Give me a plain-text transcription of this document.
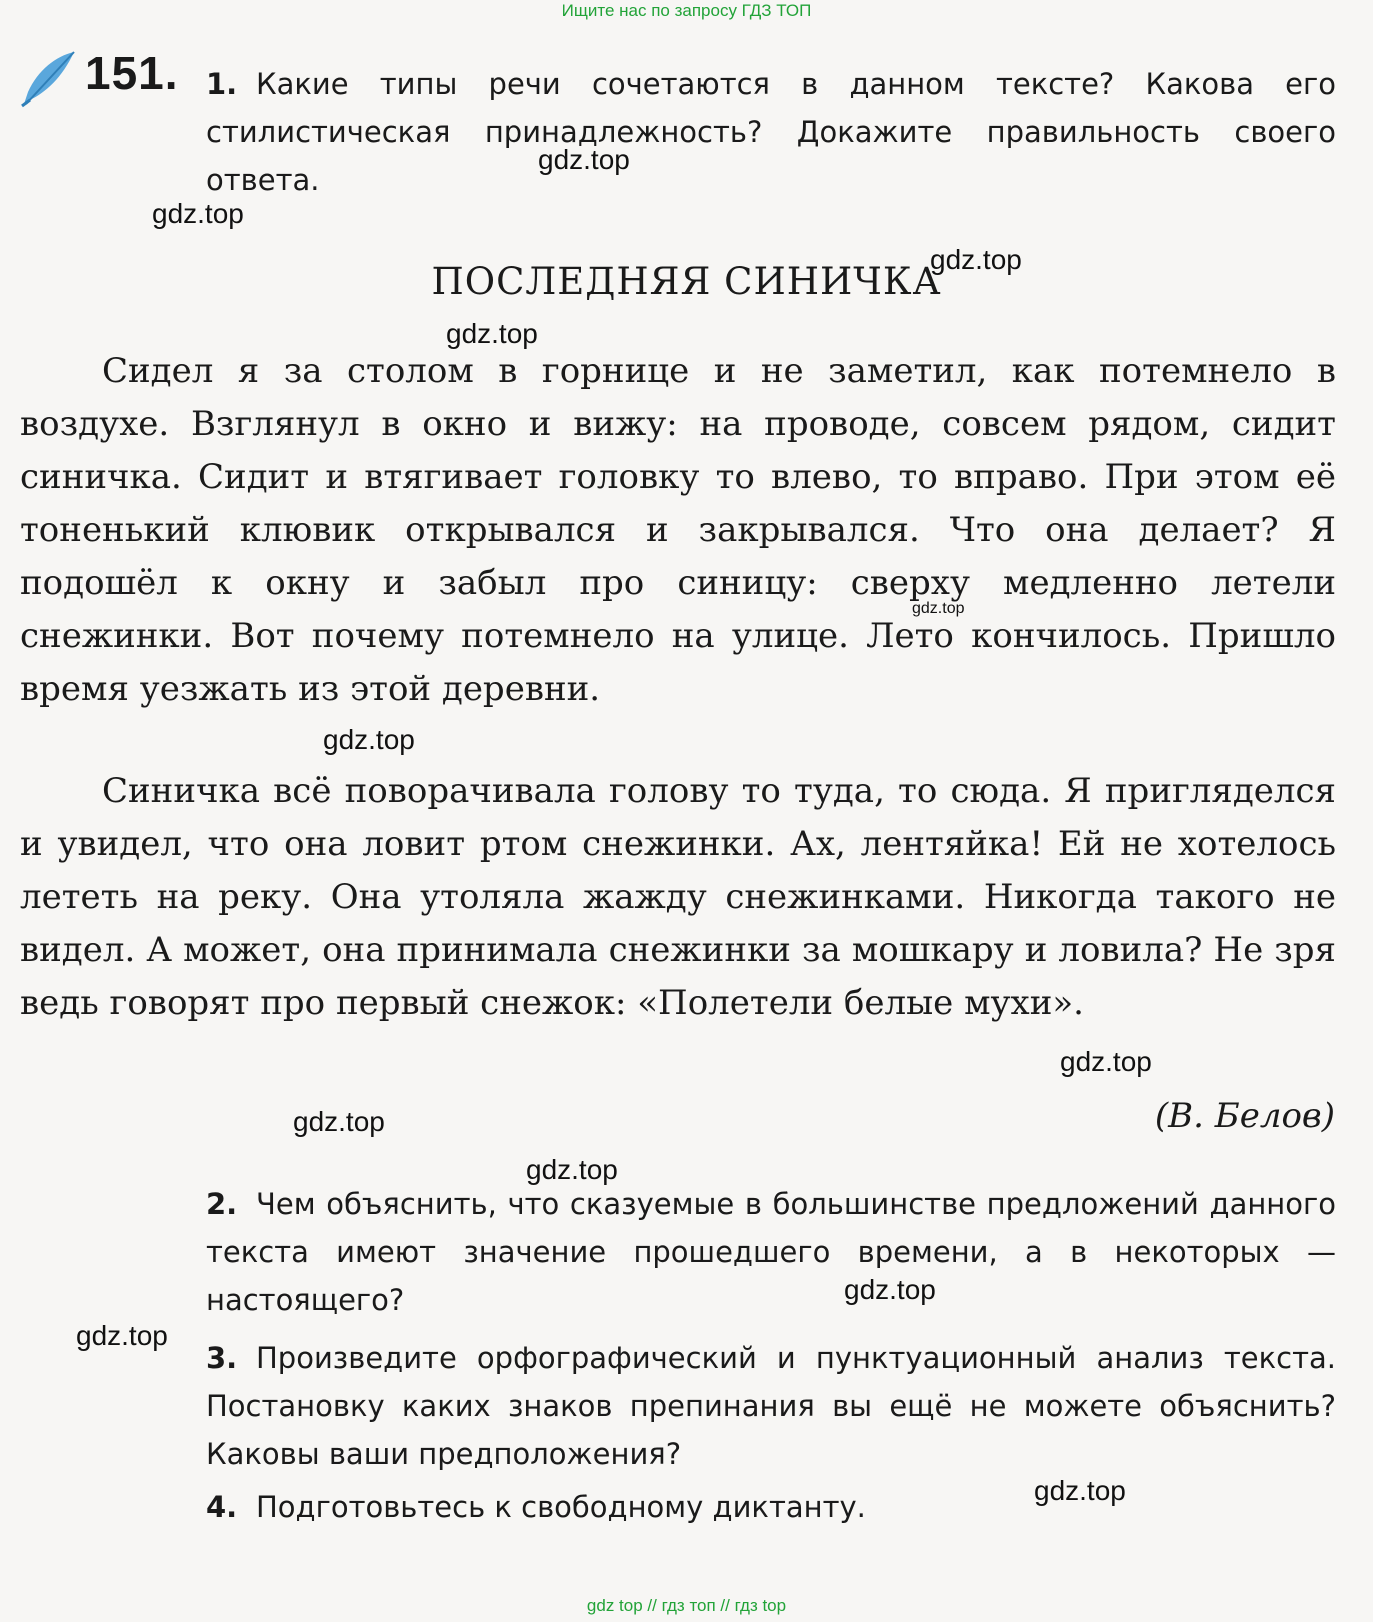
Ищите нас по запросу ГДЗ ТОП
151. 1. Какие типы речи сочетаются в данном тексте? Какова его стилистическая принадлежность? Докажите правильность своего ответа.
ПОСЛЕДНЯЯ СИНИЧКА

Сидел я за столом в горнице и не заметил, как потемнело в воздухе. Взглянул в окно и вижу: на проводе, совсем рядом, сидит синичка. Сидит и втягивает головку то влево, то вправо. При этом её тоненький клювик открывался и закрывался. Что она делает? Я подошёл к окну и забыл про синицу: сверху медленно летели снежинки. Вот почему потемнело на улице. Лето кончилось. Пришло время уезжать из этой деревни.

Синичка всё поворачивала голову то туда, то сюда. Я пригляделся и увидел, что она ловит ртом снежинки. Ах, лентяйка! Ей не хотелось лететь на реку. Она утоляла жажду снежинками. Никогда такого не видел. А может, она принимала снежинки за мошкару и ловила? Не зря ведь говорят про первый снежок: «Полетели белые мухи».

(В. Белов)
2. Чем объяснить, что сказуемые в большинстве предложений данного текста имеют значение прошедшего времени, а в некоторых — настоящего?
3. Произведите орфографический и пунктуационный анализ текста. Постановку каких знаков препинания вы ещё не можете объяснить? Каковы ваши предположения?
4. Подготовьтесь к свободному диктанту.
gdz.top
gdz.top
gdz.top
gdz.top
gdz.top
gdz.top
gdz.top
gdz.top
gdz.top
gdz.top
gdz.top
gdz.top
gdz top // гдз топ // гдз top
